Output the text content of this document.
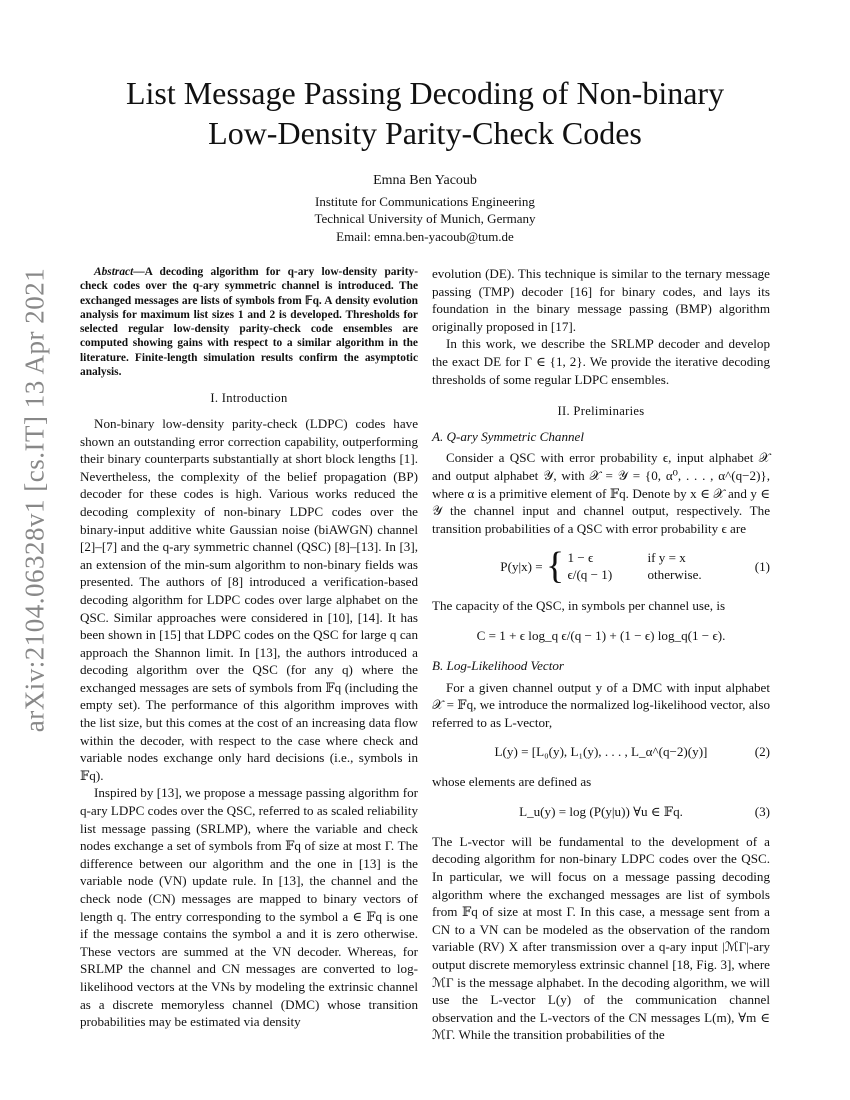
arXiv:2104.06328v1 [cs.IT] 13 Apr 2021
List Message Passing Decoding of Non-binary
Low-Density Parity-Check Codes
Emna Ben Yacoub
Institute for Communications Engineering
Technical University of Munich, Germany
Email: emna.ben-yacoub@tum.de

Abstract—A decoding algorithm for q-ary low-density parity-check codes over the q-ary symmetric channel is introduced. The exchanged messages are lists of symbols from 𝔽q. A density evolution analysis for maximum list sizes 1 and 2 is developed. Thresholds for selected regular low-density parity-check code ensembles are computed showing gains with respect to a similar algorithm in the literature. Finite-length simulation results confirm the asymptotic analysis.

I. Introduction

Non-binary low-density parity-check (LDPC) codes have shown an outstanding error correction capability, outperforming their binary counterparts substantially at short block lengths [1]. Nevertheless, the complexity of the belief propagation (BP) decoder for these codes is high. Various works reduced the decoding complexity of non-binary LDPC codes over the binary-input additive white Gaussian noise (biAWGN) channel [2]–[7] and the q-ary symmetric channel (QSC) [8]–[13]. In [3], an extension of the min-sum algorithm to non-binary fields was presented. The authors of [8] introduced a verification-based decoding algorithm for LDPC codes over large alphabet on the QSC. Similar approaches were considered in [10], [14]. It has been shown in [15] that LDPC codes on the QSC for large q can approach the Shannon limit. In [13], the authors introduced a decoding algorithm over the QSC (for any q) where the exchanged messages are sets of symbols from 𝔽q (including the empty set). The performance of this algorithm improves with the list size, but this comes at the cost of an increasing data flow within the decoder, with respect to the case where check and variable nodes exchange only hard decisions (i.e., symbols in 𝔽q).

Inspired by [13], we propose a message passing algorithm for q-ary LDPC codes over the QSC, referred to as scaled reliability list message passing (SRLMP), where the variable and check nodes exchange a set of symbols from 𝔽q of size at most Γ. The difference between our algorithm and the one in [13] is the variable node (VN) update rule. In [13], the channel and the check node (CN) messages are mapped to binary vectors of length q. The entry corresponding to the symbol a ∈ 𝔽q is one if the message contains the symbol a and it is zero otherwise. These vectors are summed at the VN decoder. Whereas, for SRLMP the channel and CN messages are converted to log-likelihood vectors at the VNs by modeling the extrinsic channel as a discrete memoryless channel (DMC) whose transition probabilities may be estimated via density

evolution (DE). This technique is similar to the ternary message passing (TMP) decoder [16] for binary codes, and lays its foundation in the binary message passing (BMP) algorithm originally proposed in [17].

In this work, we describe the SRLMP decoder and develop the exact DE for Γ ∈ {1, 2}. We provide the iterative decoding thresholds of some regular LDPC ensembles.

II. Preliminaries
A. Q-ary Symmetric Channel

Consider a QSC with error probability ϵ, input alphabet 𝒳 and output alphabet 𝒴, with 𝒳 = 𝒴 = {0, α⁰, . . . , α^(q−2)}, where α is a primitive element of 𝔽q. Denote by x ∈ 𝒳 and y ∈ 𝒴 the channel input and channel output, respectively. The transition probabilities of a QSC with error probability ϵ are

P(y|x) = { 1 − ϵ	if y = x
ϵ/(q − 1)	otherwise.
(1)

The capacity of the QSC, in symbols per channel use, is

C = 1 + ϵ log_q ϵ/(q − 1) + (1 − ϵ) log_q(1 − ϵ).
B. Log-Likelihood Vector

For a given channel output y of a DMC with input alphabet 𝒳 = 𝔽q, we introduce the normalized log-likelihood vector, also referred to as L-vector,

L(y) = [L₀(y), L₁(y), . . . , L_α^(q−2)(y)]	(2)

whose elements are defined as

L_u(y) = log (P(y|u)) ∀u ∈ 𝔽q.	(3)

The L-vector will be fundamental to the development of a decoding algorithm for non-binary LDPC codes over the QSC. In particular, we will focus on a message passing decoding algorithm where the exchanged messages are list of symbols from 𝔽q of size at most Γ. In this case, a message sent from a CN to a VN can be modeled as the observation of the random variable (RV) X after transmission over a q-ary input |ℳΓ|-ary output discrete memoryless extrinsic channel [18, Fig. 3], where ℳΓ is the message alphabet. In the decoding algorithm, we will use the L-vector L(y) of the communication channel observation and the L-vectors of the CN messages L(m), ∀m ∈ ℳΓ. While the transition probabilities of the
